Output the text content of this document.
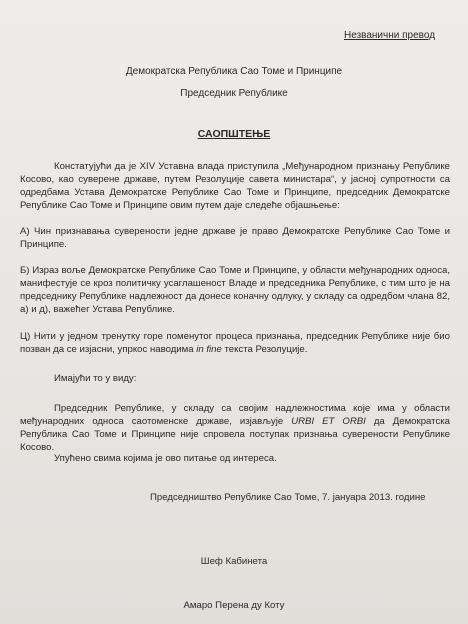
Незванични превод
Демократска Република Сао Томе и Принципе
Председник Републике
САОПШТЕЊЕ

Констатујући да је XIV Уставна влада приступила „Међународном признању Републике Косово, као суверене државе, путем Резолуције савета министара“, у јасној супротности са одредбама Устава Демократске Републике Сао Томе и Принципе, председник Демократске Републике Сао Томе и Принципе овим путем даје следеће објашњење:

А) Чин признавања суверености једне државе је право Демократске Републике Сао Томе и Принципе.

Б) Израз воље Демократске Републике Сао Томе и Принципе, у области међународних односа, манифестује се кроз политичку усаглашеност Владе и председника Републике, с тим што је на председнику Републике надлежност да донесе коначну одлуку, у складу са одредбом члана 82, а) и д), важећег Устава Републике.

Ц) Нити у једном тренутку горе поменутог процеса признања, председник Републике није био позван да се изјасни, упркос наводима in fine текста Резолуције.

Имајући то у виду:

Председник Републике, у складу са својим надлежностима које има у области међународних односа саотоменске државе, изјављује URBI ET ORBI да Демократска Република Сао Томе и Принципе није спровела поступак признања суверености Републике Косово.

Упућено свима којима је ово питање од интереса.

Председништво Републике Сао Томе, 7. јануара 2013. године
Шеф Кабинета
Амаро Перена ду Коту
